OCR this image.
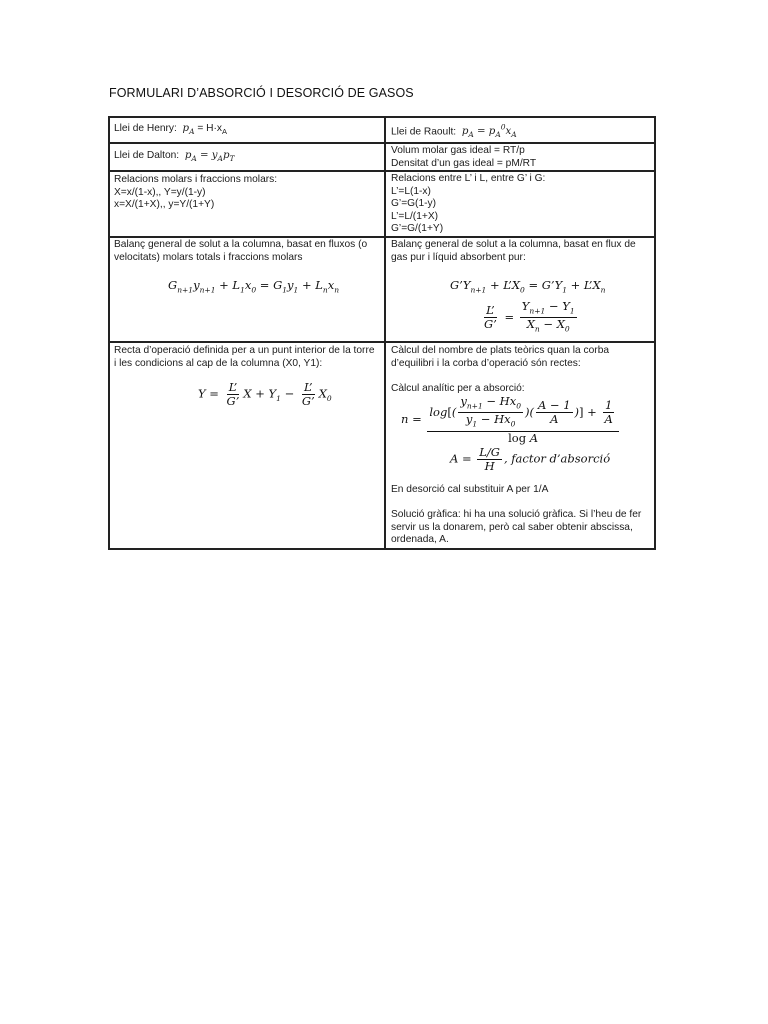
FORMULARI D’ABSORCIÓ I DESORCIÓ DE GASOS
Llei de Henry: $p_A = H\cdot x_A$	Llei de Raoult: $p_A = p_A^0x_A$
Llei de Dalton: $p_A = y_Ap_T$
Volum molar gas ideal = RT/p
Densitat d’un gas ideal = pM/RT
Relacions molars i fraccions molars:
X=x/(1-x),, Y=y/(1-y)
x=X/(1+X),, y=Y/(1+Y)
Relacions entre L’ i L, entre G’ i G:
L’=L(1-x)
G’=G(1-y)
L’=L/(1+X)
G’=G/(1+Y)
Balanç general de solut a la columna, basat en fluxos (o velocitats) molars totals i fraccions molars
$G_{n+1}y_{n+1} + L_1x_0 = G_1y_1 + L_nx_n$
Balanç general de solut a la columna, basat en flux de gas pur i líquid absorbent pur:
$G’Y_{n+1}$ + $L’X_0$ = $G’Y_1$ + $L’X_n$
$\frac{L’}{G’} = \frac{Y_{n+1} - Y_1}{X_n - X_0}$
Recta d’operació definida per a un punt interior de la torre i les condicions al cap de la columna (X0, Y1):
$Y = \frac{L’}{G’}$ $X + Y_1 - \frac{L’}{G’} X_0$
Càlcul del nombre de plats teòrics quan la corba d’equilibri i la corba d’operació són rectes:
Càlcul analític per a absorció:
$n = \frac{\log[( \frac{y_{n+1} - Hx_0}{y_1 - Hx_0} )( \frac{A - 1}{A} )] + \frac{1}{A}}{\text{log A}}$
$A = \frac{L/G}{H}$ , factor d’absorció
En desorció cal substituir A per 1/A
Solució gràfica: hi ha una solució gràfica. Si l’heu de fer servir us la donarem, però cal saber obtenir abscissa, ordenada, A.
